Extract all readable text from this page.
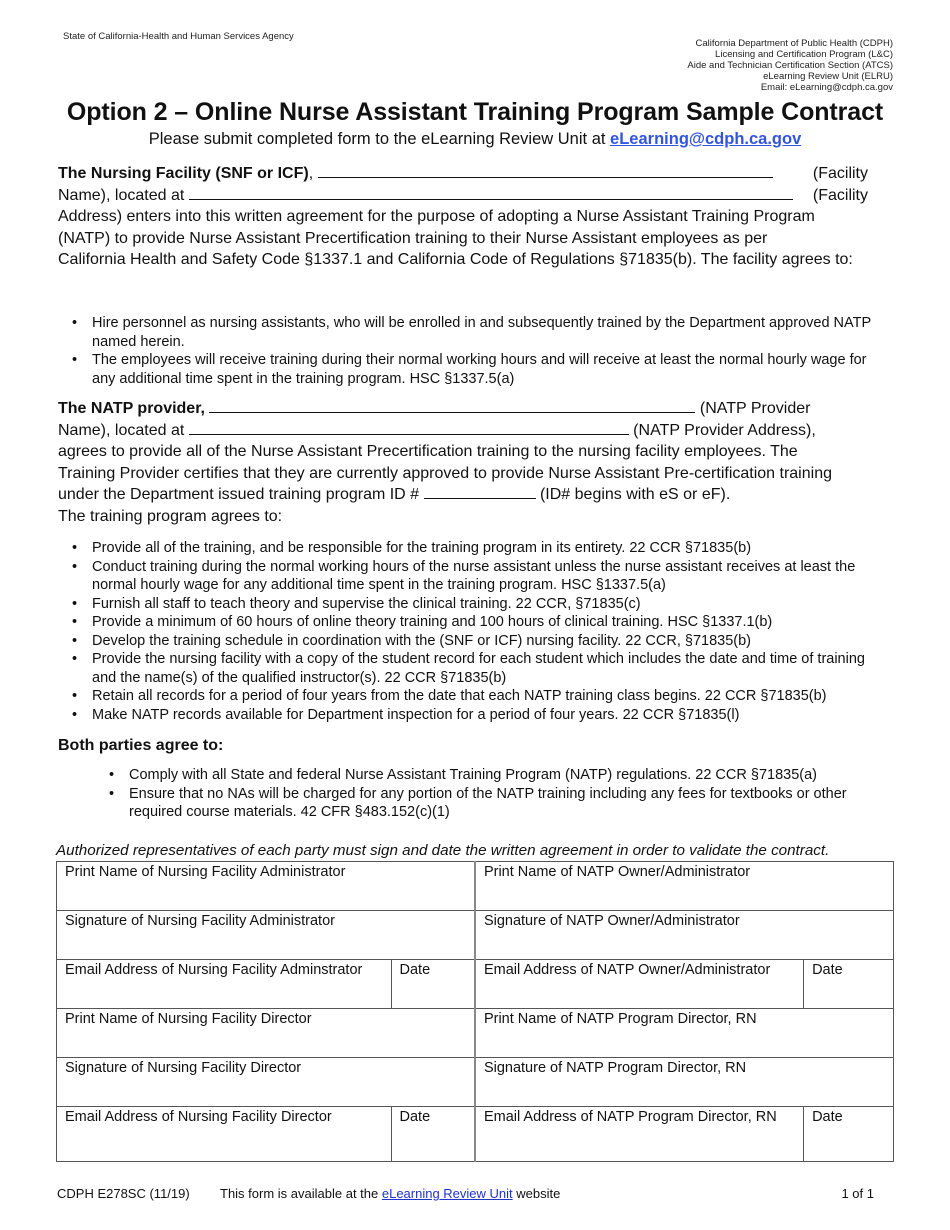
State of California-Health and Human Services Agency
California Department of Public Health (CDPH)
Licensing and Certification Program (L&C)
Aide and Technician Certification Section (ATCS)
eLearning Review Unit (ELRU)
Email: eLearning@cdph.ca.gov
Option 2 – Online Nurse Assistant Training Program Sample Contract
Please submit completed form to the eLearning Review Unit at eLearning@cdph.ca.gov
The Nursing Facility (SNF or ICF),	(Facility
Name), located at	(Facility
Address) enters into this written agreement for the purpose of adopting a Nurse Assistant Training Program (NATP) to provide Nurse Assistant Precertification training to their Nurse Assistant employees as per
California Health and Safety Code §1337.1 and California Code of Regulations §71835(b). The facility agrees to:
• Hire personnel as nursing assistants, who will be enrolled in and subsequently trained by the Department approved NATP named herein.
• The employees will receive training during their normal working hours and will receive at least the normal hourly wage for any additional time spent in the training program. HSC §1337.5(a)
The NATP provider,	(NATP Provider
Name), located at	(NATP Provider Address),
agrees to provide all of the Nurse Assistant Precertification training to the nursing facility employees. The Training Provider certifies that they are currently approved to provide Nurse Assistant Pre-certification training under the Department issued training program ID #	(ID# begins with eS or eF).
The training program agrees to:
• Provide all of the training, and be responsible for the training program in its entirety. 22 CCR §71835(b)
• Conduct training during the normal working hours of the nurse assistant unless the nurse assistant receives at least the normal hourly wage for any additional time spent in the training program. HSC §1337.5(a)
• Furnish all staff to teach theory and supervise the clinical training. 22 CCR, §71835(c)
• Provide a minimum of 60 hours of online theory training and 100 hours of clinical training. HSC §1337.1(b)
• Develop the training schedule in coordination with the (SNF or ICF) nursing facility. 22 CCR, §71835(b)
• Provide the nursing facility with a copy of the student record for each student which includes the date and time of training and the name(s) of the qualified instructor(s). 22 CCR §71835(b)
• Retain all records for a period of four years from the date that each NATP training class begins. 22 CCR §71835(b)
• Make NATP records available for Department inspection for a period of four years. 22 CCR §71835(l)
Both parties agree to:
• Comply with all State and federal Nurse Assistant Training Program (NATP) regulations. 22 CCR §71835(a)
• Ensure that no NAs will be charged for any portion of the NATP training including any fees for textbooks or other required course materials. 42 CFR §483.152(c)(1)
Authorized representatives of each party must sign and date the written agreement in order to validate the contract.
Print Name of Nursing Facility Administrator		Print Name of NATP Owner/Administrator	
Signature of Nursing Facility Administrator		Signature of NATP Owner/Administrator	
Email Address of Nursing Facility Adminstrator	Date	Email Address of NATP Owner/Administrator	Date
Print Name of Nursing Facility Director		Print Name of NATP Program Director, RN	
Signature of Nursing Facility Director		Signature of NATP Program Director, RN	
Email Address of Nursing Facility Director	Date	Email Address of NATP Program Director, RN	Date
CDPH E278SC (11/19) This form is available at the eLearning Review Unit website	1 of 1
